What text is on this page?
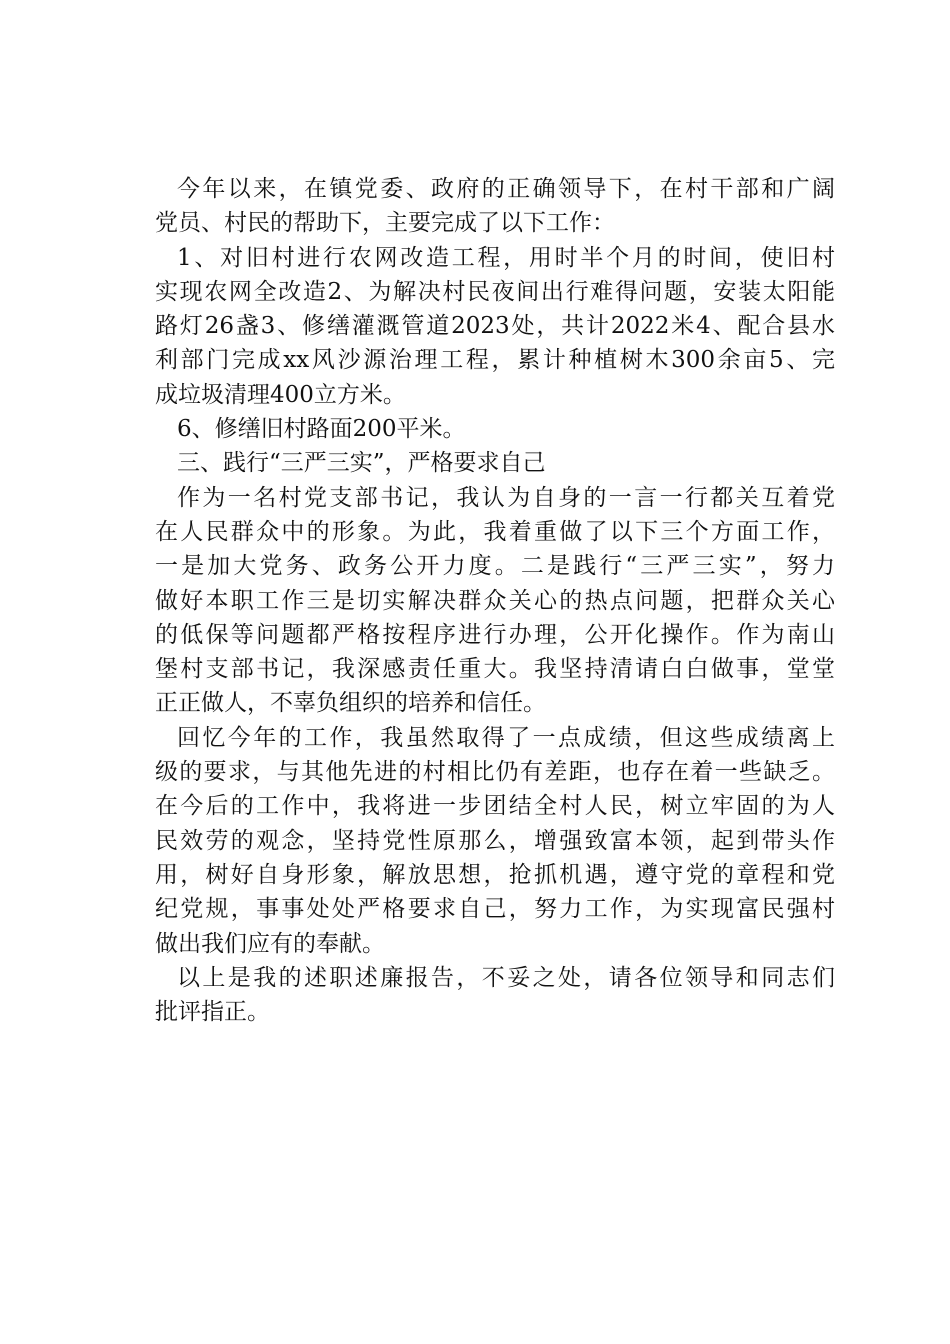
今年以来，在镇党委、政府的正确领导下，在村干部和广阔
党员、村民的帮助下，主要完成了以下工作：
1、对旧村进行农网改造工程，用时半个月的时间，使旧村
实现农网全改造2、为解决村民夜间出行难得问题，安装太阳能
路灯26盏3、修缮灌溉管道2023处，共计2022米4、配合县水
利部门完成xx风沙源治理工程，累计种植树木300余亩5、完
成垃圾清理400立方米。
6、修缮旧村路面200平米。
三、践行“三严三实”，严格要求自己
作为一名村党支部书记，我认为自身的一言一行都关互着党
在人民群众中的形象。为此，我着重做了以下三个方面工作，
一是加大党务、政务公开力度。二是践行“三严三实”，努力
做好本职工作三是切实解决群众关心的热点问题，把群众关心
的低保等问题都严格按程序进行办理，公开化操作。作为南山
堡村支部书记，我深感责任重大。我坚持清请白白做事，堂堂
正正做人，不辜负组织的培养和信任。
回忆今年的工作，我虽然取得了一点成绩，但这些成绩离上
级的要求，与其他先进的村相比仍有差距，也存在着一些缺乏。
在今后的工作中，我将进一步团结全村人民，树立牢固的为人
民效劳的观念，坚持党性原那么，增强致富本领，起到带头作
用，树好自身形象，解放思想，抢抓机遇，遵守党的章程和党
纪党规，事事处处严格要求自己，努力工作，为实现富民强村
做出我们应有的奉献。
以上是我的述职述廉报告，不妥之处，请各位领导和同志们
批评指正。
